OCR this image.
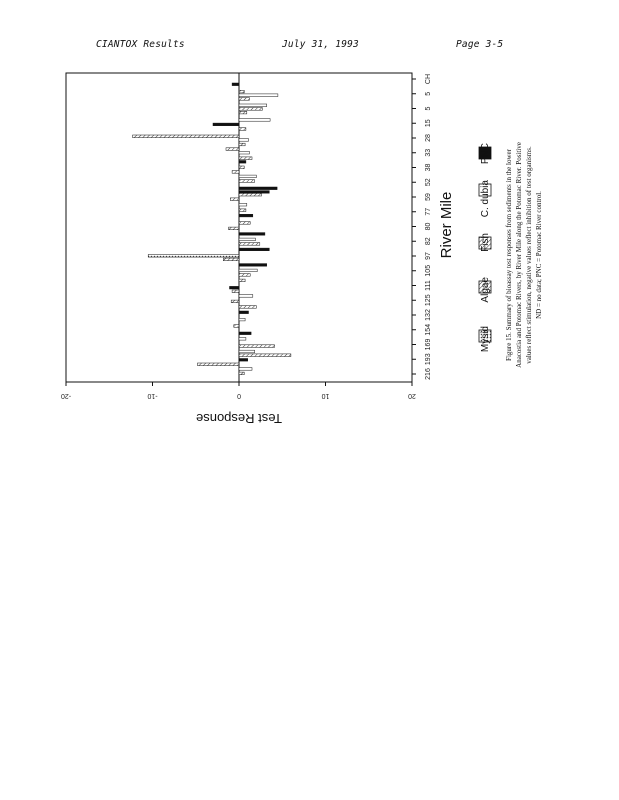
CIANTOX Results	July 31, 1993	Page 3-5
-20	-10	0	10	20
216
193
169
154
132
125
111
105
97
82
80
77
59
52
38
33
28
15
5
5
CH
Test Response
River Mile
Mysid
Algae
Fish
C. dubia
PNC Figure 15. Summary of bioassay test responses from sediments in the lower Anacostia and Potomac Rivers, by River Mile along the Potomac River. Positive values reflect stimulation, negative values reflect inhibition of test organisms. ND = no data; PNC = Potomac River control.
